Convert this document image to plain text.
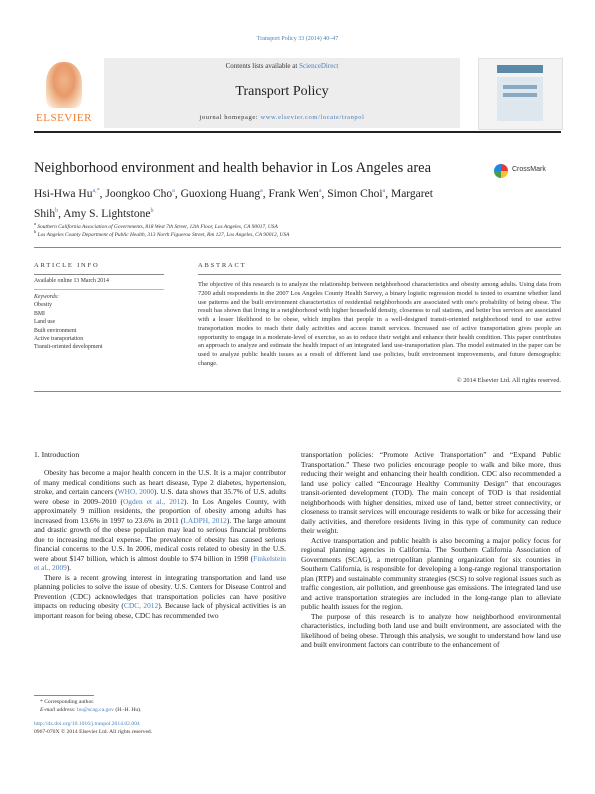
Transport Policy 33 (2014) 40–47
ELSEVIER
Contents lists available at ScienceDirect
Transport Policy
journal homepage: www.elsevier.com/locate/tranpol
Neighborhood environment and health behavior in Los Angeles area	CrossMark
Hsi-Hwa $Hu^{a,*}$, Joongkoo Cho$^a$, Guoxiong Huang$^a$, Frank Wen$^a$, Simon Choi$^a$, Margaret Shih$^b$, Amy S. Lightstone$^b$
$^a$ Southern California Association of Governments, 818 West 7th Street, 12th Floor, Los Angeles, CA 90017, USA
$^b$ Los Angeles County Department of Public Health, 313 North Figueroa Street, Rm 127, Los Angeles, CA 90012, USA
ARTICLE INFO
Available online 13 March 2014
Keywords:
Obesity
BMI
Land use
Built environment
Active transportation
Transit-oriented development
ABSTRACT
The objective of this research is to analyze the relationship between neighborhood characteristics and obesity among adults. Using data from 7200 adult respondents in the 2007 Los Angeles County Health Survey, a binary logistic regression model is tested to examine whether land use patterns and the built environment characteristics of residential neighborhoods are associated with one's probability of being obese. The result has shown that living in a neighborhood with higher household density, closeness to rail stations, and better bus services are associated with a lesser likelihood to be obese, which implies that people in a well-designed transit-oriented neighborhood tend to use active transportation modes to reach their daily activities and access transit services. Increased use of active transportation gives people an opportunity to engage in a moderate-level of exercise, so as to reduce their weight and enhance their health condition. This paper contributes an approach to analyze and estimate the health impact of an integrated land use-transportation plan. The model estimated in the paper can be used to analyze public health issues as a result of different land use policies, built environment improvements, and future demographic change.
© 2014 Elsevier Ltd. All rights reserved.
1. Introduction

Obesity has become a major health concern in the U.S. It is a major contributor of many medical conditions such as heart disease, Type 2 diabetes, hypertension, stroke, and certain cancers (WHO, 2000). U.S. data shows that 35.7% of U.S. adults were obese in 2009–2010 (Ogden et al., 2012). In Los Angeles County, with approximately 9 million residents, the proportion of obesity among adults has increased from 13.6% in 1997 to 23.6% in 2011 (LADPH, 2012). The large amount and drastic growth of the obese population may lead to serious financial problems due to increasing medical expense. The prevalence of obesity has caused serious financial concerns to the U.S. In 2006, medical costs related to obesity in the U.S. were about $147 billion, which is almost double to $74 billion in 1998 (Finkelstein et al., 2009).

There is a recent growing interest in integrating transportation and land use planning policies to solve the issue of obesity. U.S. Centers for Disease Control and Prevention (CDC) acknowledges that transportation policies can have positive impacts on reducing obesity (CDC, 2012). Because lack of physical activities is an important reason for being obese, CDC has recommended two

transportation policies: “Promote Active Transportation” and “Expand Public Transportation.” These two policies encourage people to walk and bike more, thus reducing their weight and enhancing their health condition. CDC also recommended a land use policy called “Encourage Healthy Community Design” that encourages transit-oriented development (TOD). The main concept of TOD is that residential neighborhoods with higher densities, mixed use of land, better street connectivity, or closeness to transit services will encourage residents to walk or bike for accessing their daily activities, and therefore residents living in this type of community can reduce their weight.

Active transportation and public health is also becoming a major policy focus for regional planning agencies in California. The Southern California Association of Governments (SCAG), a metropolitan planning organization for six counties in Southern California, is responsible for developing a long-range regional transportation plan (RTP) and sustainable community strategies (SCS) to solve regional issues such as traffic congestion, air pollution, and greenhouse gas emissions. The integrated land use and active transportation strategies are included in the long-range plan to alleviate public health issues for the region.

The purpose of this research is to analyze how neighborhood environmental characteristics, including both land use and built environment, are associated with the likelihood of being obese. Through this analysis, we sought to understand how land use and built environment factors can contribute to the enhancement of

* Corresponding author.
E-mail address: hu@scag.ca.gov (H.-H. Hu).
http://dx.doi.org/10.1016/j.tranpol.2014.02.004
0967-070X © 2014 Elsevier Ltd. All rights reserved.
